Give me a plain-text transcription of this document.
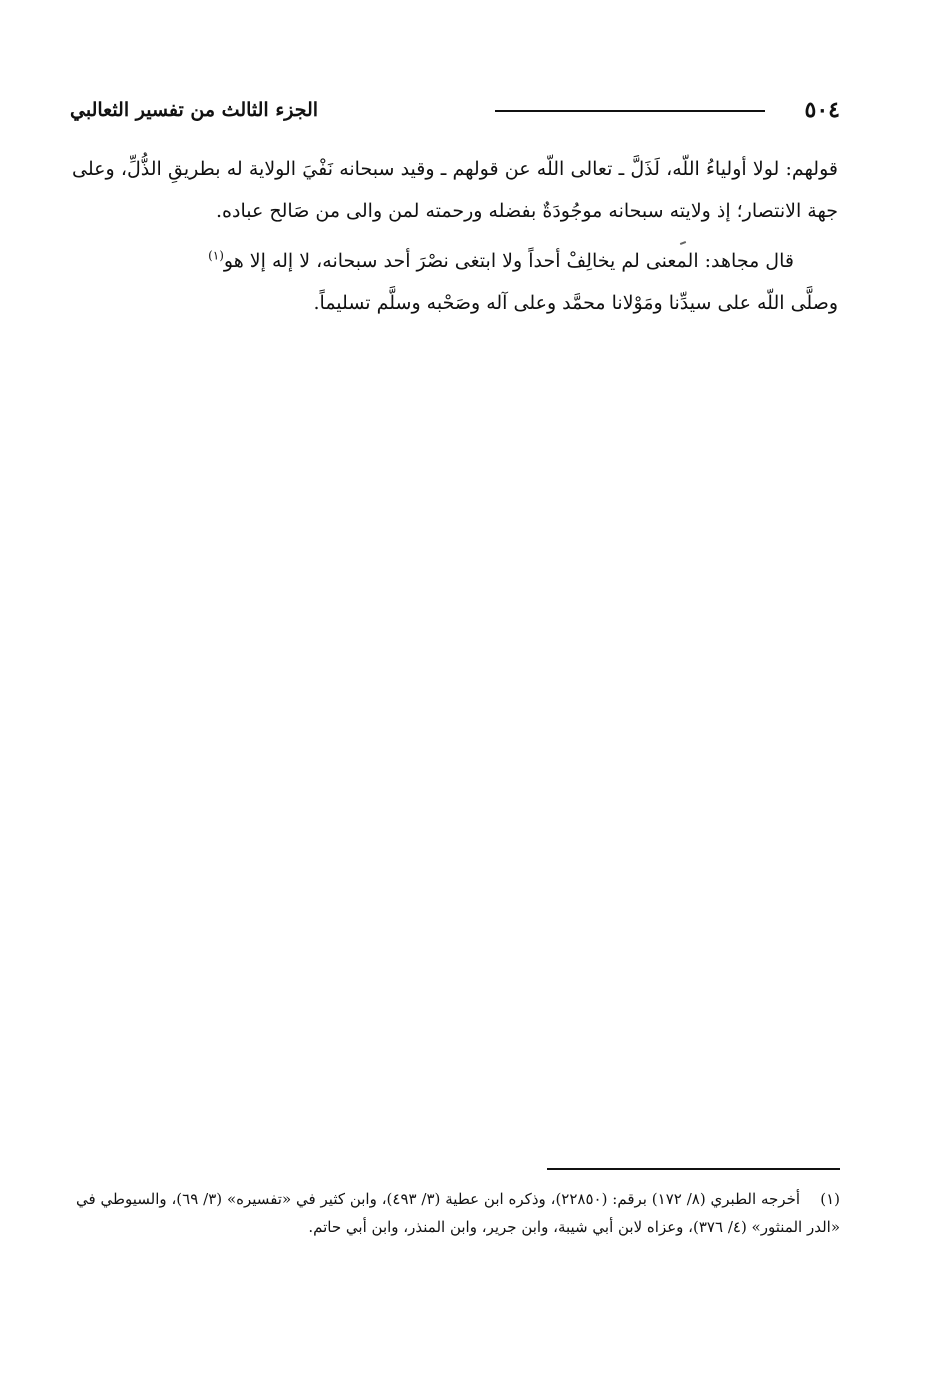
٥٠٤
الجزء الثالث من تفسير الثعالبي

قولهم: لولا أولياءُ اللّه، لَذَلَّ ـ تعالى اللّه عن قولهم ـ وقيد سبحانه نَفْيَ الولاية له بطريقِ الذُّلِّ، وعلى جهة الانتصار؛ إذ ولايته سبحانه موجُودَةٌ بفضله ورحمته لمن والى من صَالح عباده.

قال مجاهد: المعنى لم يخالِفْ أحداً ولا ابتغى نصْرَ أحد سبحانه، لا إله إلا هو$^{(١)}$
وصلَّى اللّه على سيدِّنا ومَوْلانا محمَّد وعلى آله وصَحْبه وسلَّم تسليماً.

(١)أخرجه الطبري (٨/ ١٧٢) برقم: (٢٢٨٥٠)، وذكره ابن عطية (٣/ ٤٩٣)، وابن كثير في «تفسيره» (٣/ ٦٩)، والسيوطي في «الدر المنثور» (٤/ ٣٧٦)، وعزاه لابن أبي شيبة، وابن جرير، وابن المنذر، وابن أبي حاتم.
